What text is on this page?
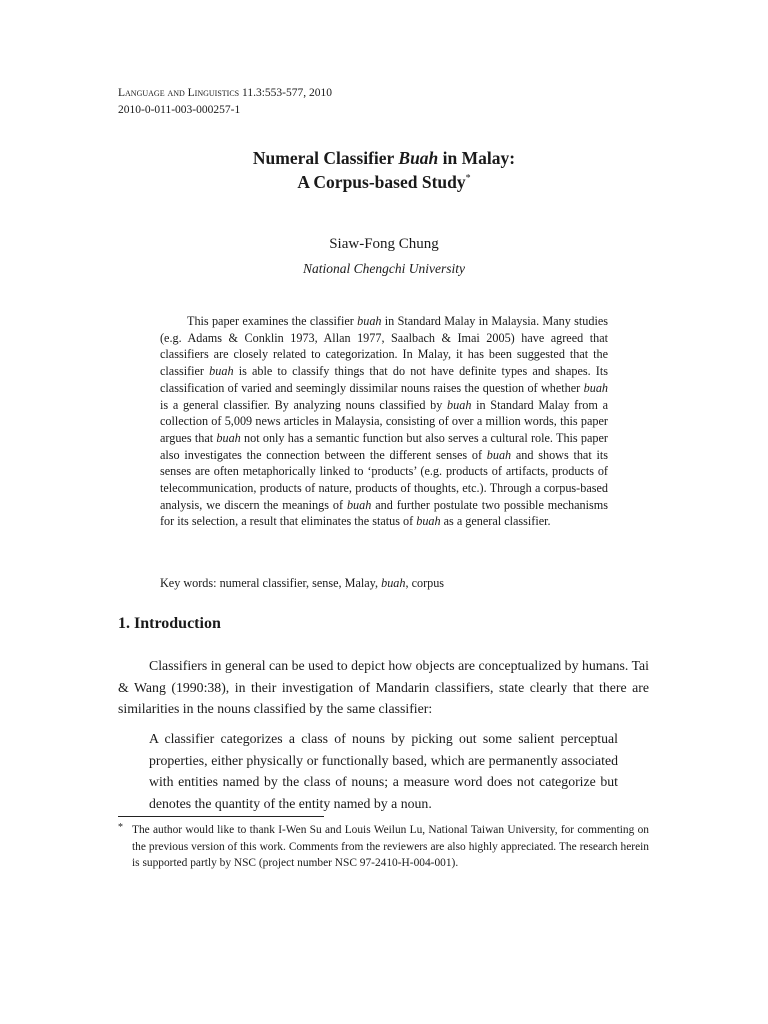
Language and Linguistics 11.3:553-577, 2010
2010-0-011-003-000257-1
Numeral Classifier Buah in Malay:
A Corpus-based Study*
Siaw-Fong Chung
National Chengchi University

This paper examines the classifier buah in Standard Malay in Malaysia. Many studies (e.g. Adams & Conklin 1973, Allan 1977, Saalbach & Imai 2005) have agreed that classifiers are closely related to categorization. In Malay, it has been suggested that the classifier buah is able to classify things that do not have definite types and shapes. Its classification of varied and seemingly dissimilar nouns raises the question of whether buah is a general classifier. By analyzing nouns classified by buah in Standard Malay from a collection of 5,009 news articles in Malaysia, consisting of over a million words, this paper argues that buah not only has a semantic function but also serves a cultural role. This paper also investigates the connection between the different senses of buah and shows that its senses are often metaphorically linked to ‘products’ (e.g. products of artifacts, products of telecommunication, products of nature, products of thoughts, etc.). Through a corpus-based analysis, we discern the meanings of buah and further postulate two possible mechanisms for its selection, a result that eliminates the status of buah as a general classifier.

Key words: numeral classifier, sense, Malay, buah, corpus
1. Introduction

Classifiers in general can be used to depict how objects are conceptualized by humans. Tai & Wang (1990:38), in their investigation of Mandarin classifiers, state clearly that there are similarities in the nouns classified by the same classifier:

A classifier categorizes a class of nouns by picking out some salient perceptual properties, either physically or functionally based, which are permanently associated with entities named by the class of nouns; a measure word does not categorize but denotes the quantity of the entity named by a noun.

* The author would like to thank I-Wen Su and Louis Weilun Lu, National Taiwan University, for commenting on the previous version of this work. Comments from the reviewers are also highly appreciated. The research herein is supported partly by NSC (project number NSC 97-2410-H-004-001).
